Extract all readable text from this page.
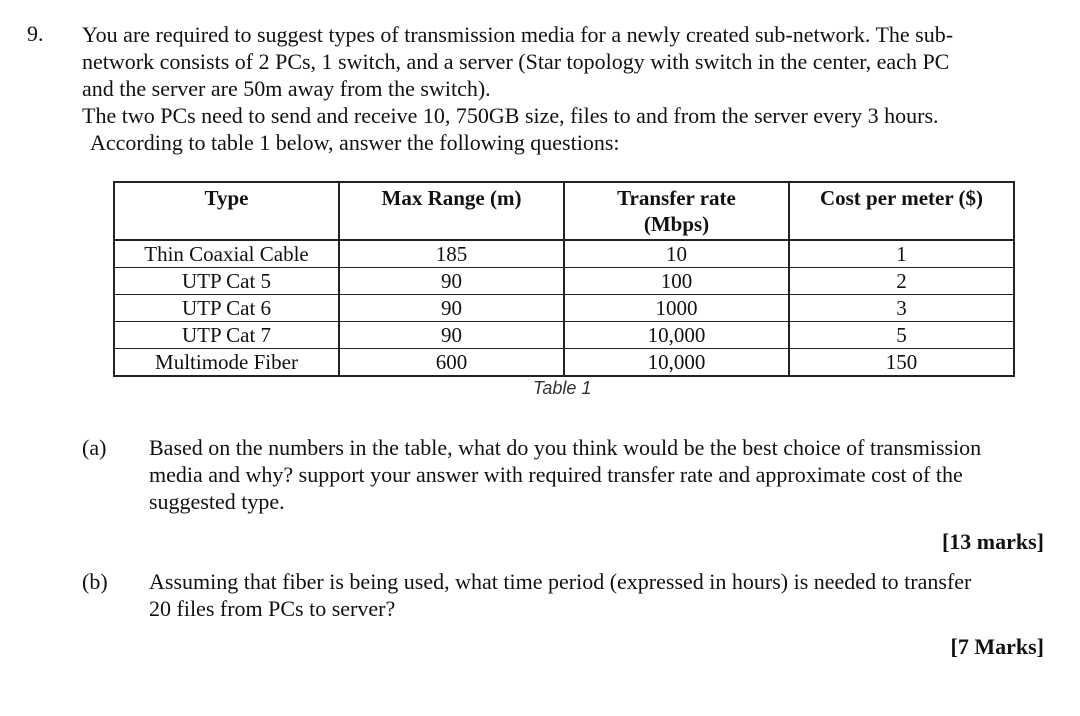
9. You are required to suggest types of transmission media for a newly created sub-network. The sub-
network consists of 2 PCs, 1 switch, and a server (Star topology with switch in the center, each PC
and the server are 50m away from the switch).
The two PCs need to send and receive 10, 750GB size, files to and from the server every 3 hours.
According to table 1 below, answer the following questions:
Type	Max Range (m)	Transfer rate
(Mbps)	Cost per meter ($)
Thin Coaxial Cable	185	10	1
UTP Cat 5	90	100	2
UTP Cat 6	90	1000	3
UTP Cat 7	90	10,000	5
Multimode Fiber	600	10,000	150
Table 1
(a) Based on the numbers in the table, what do you think would be the best choice of transmission
media and why? support your answer with required transfer rate and approximate cost of the
suggested type.
[13 marks]
(b) Assuming that fiber is being used, what time period (expressed in hours) is needed to transfer
20 files from PCs to server?
[7 Marks]
